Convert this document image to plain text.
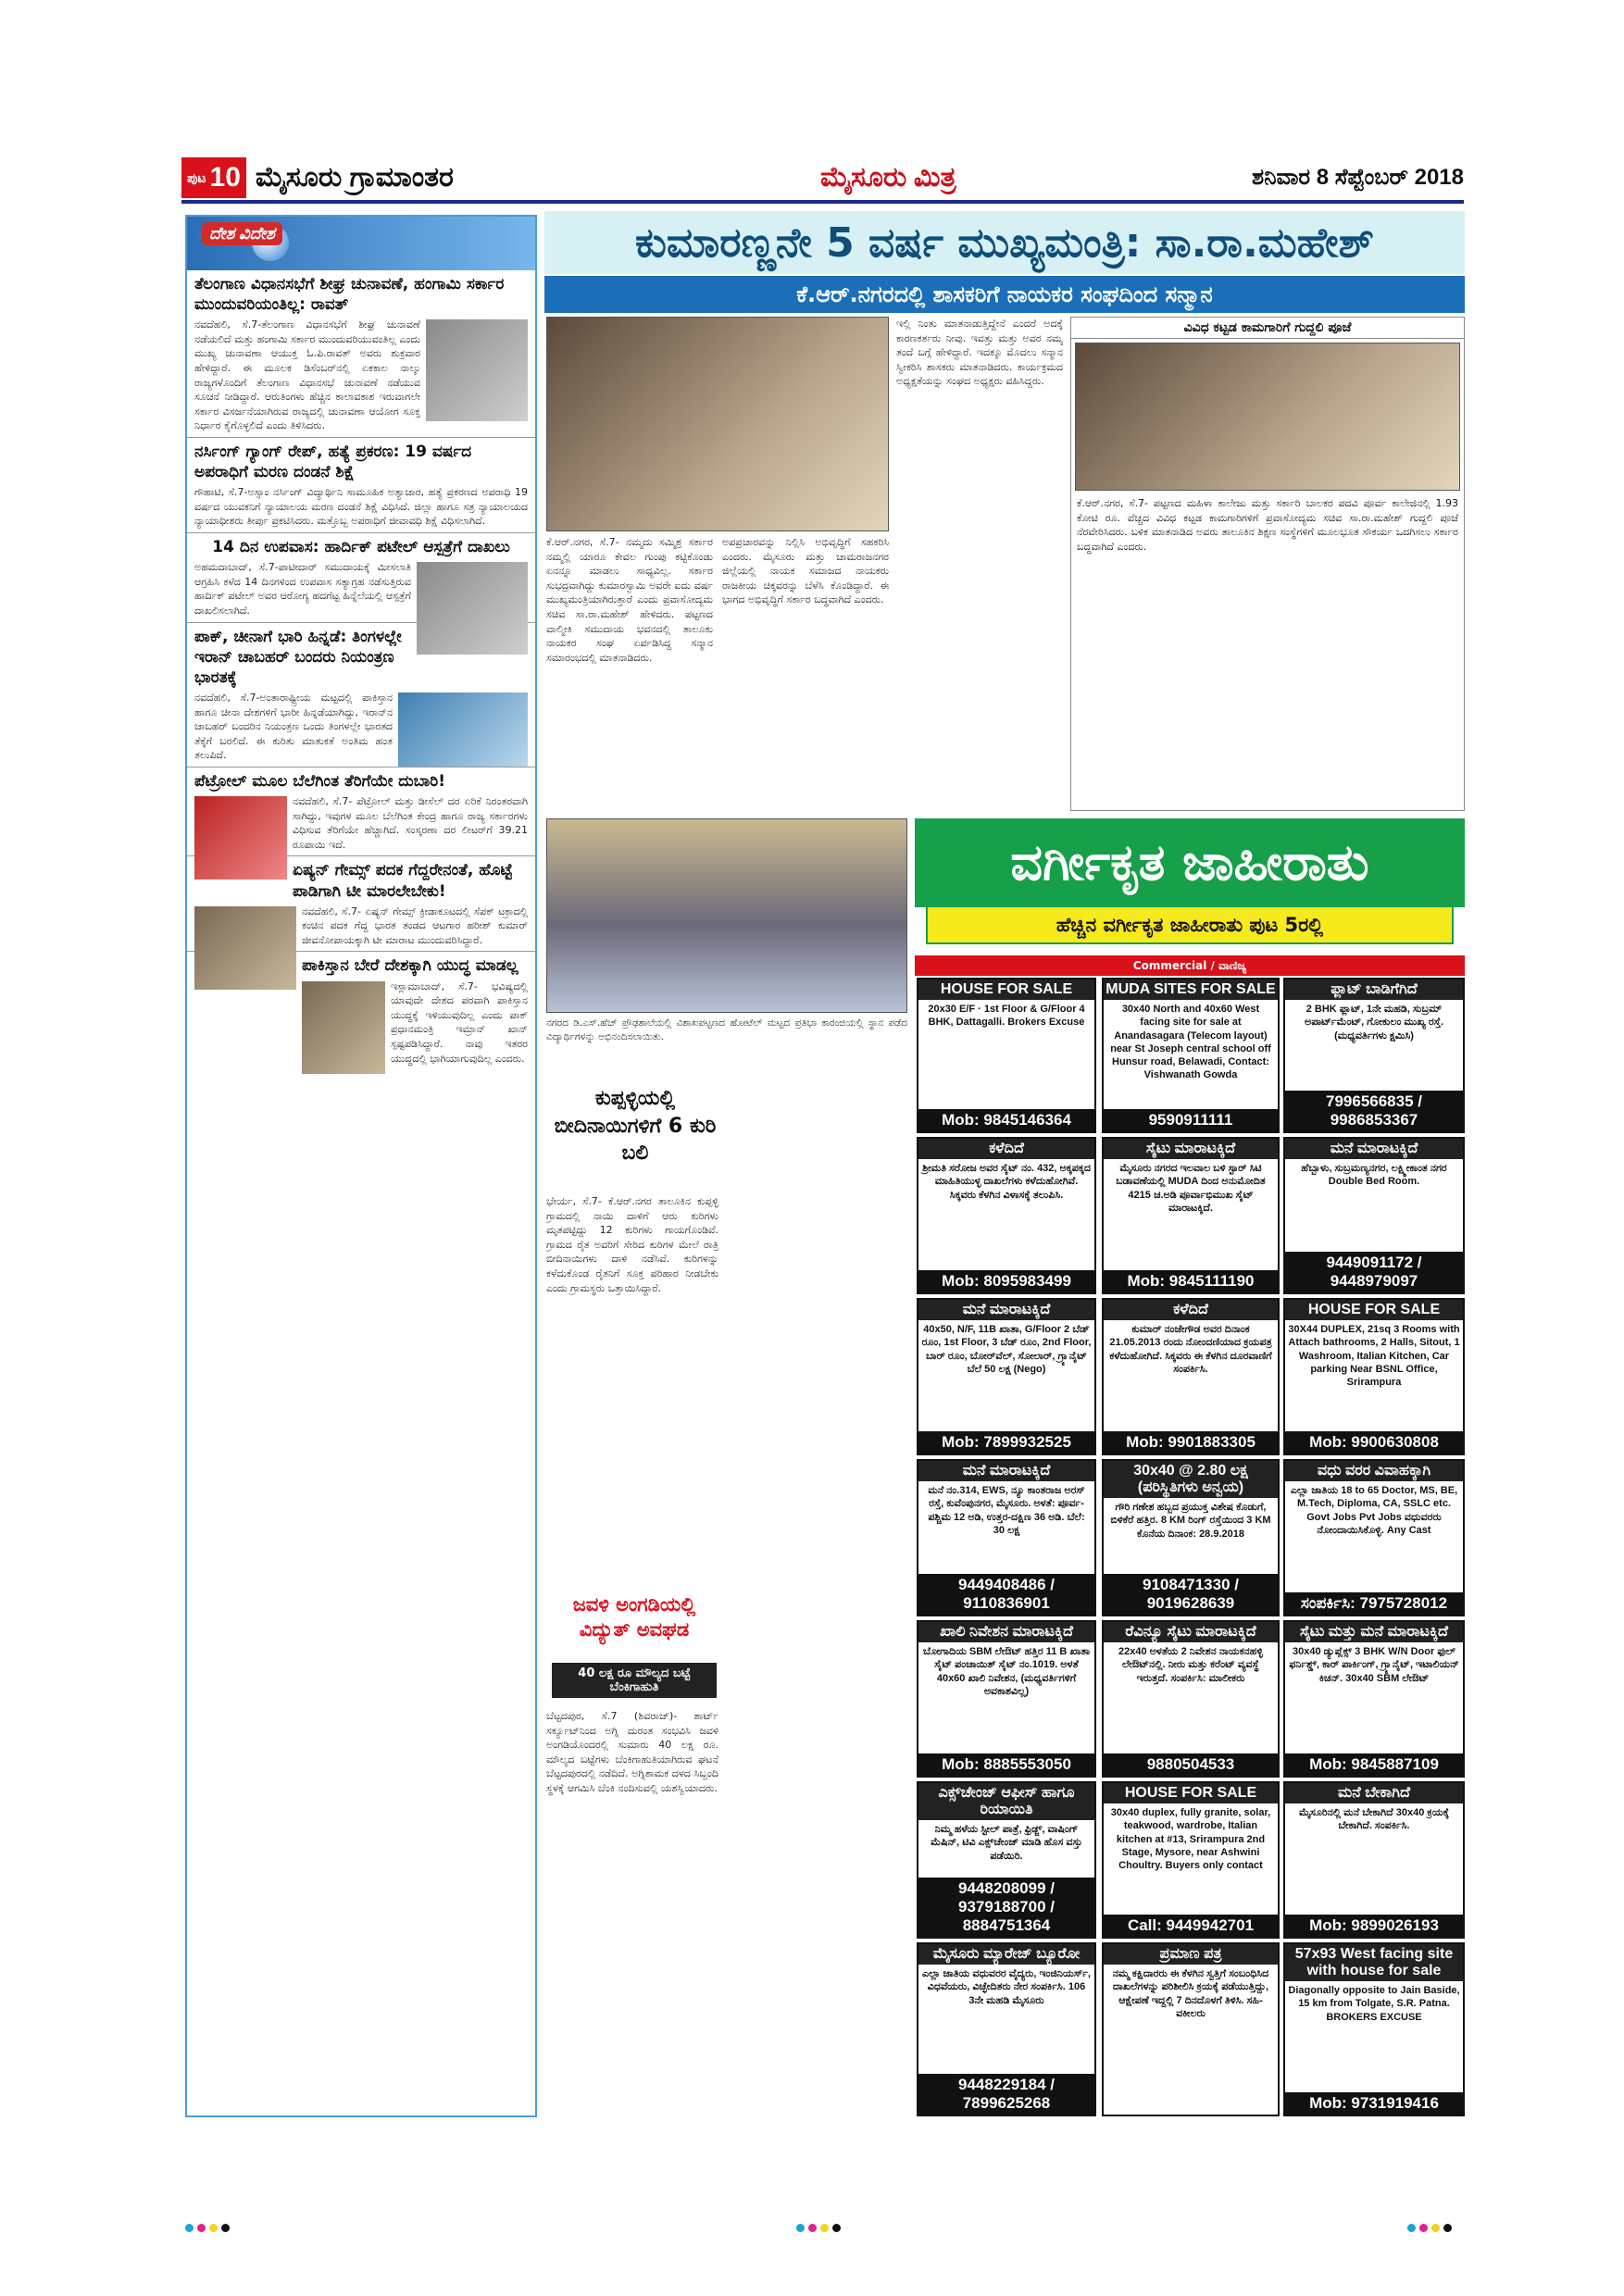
ಪುಟ 10 ಮೈಸೂರು ಗ್ರಾಮಾಂತರ	ಮೈಸೂರು ಮಿತ್ರ	ಶನಿವಾರ 8 ಸೆಪ್ಟೆಂಬರ್ 2018
ದೇಶ ವಿದೇಶ
ತೆಲಂಗಾಣ ವಿಧಾನಸಭೆಗೆ ಶೀಘ್ರ ಚುನಾವಣೆ, ಹಂಗಾಮಿ ಸರ್ಕಾರ ಮುಂದುವರಿಯಂತಿಲ್ಲ: ರಾವತ್

ನವದೆಹಲಿ, ಸೆ.7-ತೆಲಂಗಾಣ ವಿಧಾನಸಭೆಗೆ ಶೀಘ್ರ ಚುನಾವಣೆ ನಡೆಯಲಿದೆ ಮತ್ತು ಹಂಗಾಮಿ ಸರ್ಕಾರ ಮುಂದುವರಿಯುವಂತಿಲ್ಲ ಎಂದು ಮುಖ್ಯ ಚುನಾವಣಾ ಆಯುಕ್ತ ಓ.ಪಿ.ರಾವತ್ ಅವರು ಶುಕ್ರವಾರ ಹೇಳಿದ್ದಾರೆ. ಈ ಮೂಲಕ ಡಿಸೆಂಬರ್‌ನಲ್ಲಿ ಏಕಕಾಲ ನಾಲ್ಕು ರಾಜ್ಯಗಳೊಂದಿಗೆ ತೆಲಂಗಾಣ ವಿಧಾನಸಭೆ ಚುನಾವಣೆ ನಡೆಯುವ ಸೂಚನೆ ನೀಡಿದ್ದಾರೆ. ಆರುತಿಂಗಳು ಹೆಚ್ಚಿನ ಕಾಲಾವಕಾಶ ಇರುವಾಗಲೇ ಸರ್ಕಾರ ವಿಸರ್ಜನೆಯಾಗಿರುವ ರಾಜ್ಯದಲ್ಲಿ ಚುನಾವಣಾ ಆಯೋಗ ಸೂಕ್ತ ನಿರ್ಧಾರ ಕೈಗೊಳ್ಳಲಿದೆ ಎಂದು ತಿಳಿಸಿದರು.

ನರ್ಸಿಂಗ್ ಗ್ಯಾಂಗ್ ರೇಪ್, ಹತ್ಯೆ ಪ್ರಕರಣ: 19 ವರ್ಷದ ಅಪರಾಧಿಗೆ ಮರಣ ದಂಡನೆ ಶಿಕ್ಷೆ

ಗೌಹಾಟಿ, ಸೆ.7-ಅಸ್ಸಾಂ ನರ್ಸಿಂಗ್ ವಿದ್ಯಾರ್ಥಿನಿ ಸಾಮೂಹಿಕ ಅತ್ಯಾಚಾರ, ಹತ್ಯೆ ಪ್ರಕರಣದ ಅಪರಾಧಿ 19 ವರ್ಷದ ಯುವಕನಿಗೆ ನ್ಯಾಯಾಲಯ ಮರಣ ದಂಡನೆ ಶಿಕ್ಷೆ ವಿಧಿಸಿದೆ. ಜಿಲ್ಲಾ ಹಾಗೂ ಸತ್ರ ನ್ಯಾಯಾಲಯದ ನ್ಯಾಯಾಧೀಶರು ತೀರ್ಪು ಪ್ರಕಟಿಸಿದರು. ಮತ್ತೊಬ್ಬ ಅಪರಾಧಿಗೆ ಜೀವಾವಧಿ ಶಿಕ್ಷೆ ವಿಧಿಸಲಾಗಿದೆ.

14 ದಿನ ಉಪವಾಸ: ಹಾರ್ದಿಕ್ ಪಟೇಲ್ ಆಸ್ಪತ್ರೆಗೆ ದಾಖಲು

ಅಹಮದಾಬಾದ್, ಸೆ.7-ಪಾಟೀದಾರ್ ಸಮುದಾಯಕ್ಕೆ ಮೀಸಲಾತಿ ಆಗ್ರಹಿಸಿ ಕಳೆದ 14 ದಿನಗಳಿಂದ ಉಪವಾಸ ಸತ್ಯಾಗ್ರಹ ನಡೆಸುತ್ತಿರುವ ಹಾರ್ದಿಕ್ ಪಟೇಲ್ ಅವರ ಆರೋಗ್ಯ ಹದಗೆಟ್ಟ ಹಿನ್ನೆಲೆಯಲ್ಲಿ ಆಸ್ಪತ್ರೆಗೆ ದಾಖಲಿಸಲಾಗಿದೆ.

ಪಾಕ್, ಚೀನಾಗೆ ಭಾರಿ ಹಿನ್ನಡೆ: ತಿಂಗಳಲ್ಲೇ ಇರಾನ್ ಚಾಬಹರ್ ಬಂದರು ನಿಯಂತ್ರಣ ಭಾರತಕ್ಕೆ

ನವದೆಹಲಿ, ಸೆ.7-ಅಂತಾರಾಷ್ಟ್ರೀಯ ಮಟ್ಟದಲ್ಲಿ ಪಾಕಿಸ್ತಾನ ಹಾಗೂ ಚೀನಾ ದೇಶಗಳಿಗೆ ಭಾರೀ ಹಿನ್ನಡೆಯಾಗಿದ್ದು, ಇರಾನ್‌ನ ಚಾಬಹರ್ ಬಂದರಿನ ನಿಯಂತ್ರಣ ಒಂದು ತಿಂಗಳಲ್ಲೇ ಭಾರತದ ತೆಕ್ಕೆಗೆ ಬರಲಿದೆ. ಈ ಕುರಿತು ಮಾತುಕತೆ ಅಂತಿಮ ಹಂತ ತಲುಪಿದೆ.

ಪೆಟ್ರೋಲ್ ಮೂಲ ಬೆಲೆಗಿಂತ ತೆರಿಗೆಯೇ ದುಬಾರಿ!

ನವದೆಹಲಿ, ಸೆ.7- ಪೆಟ್ರೋಲ್ ಮತ್ತು ಡೀಸೆಲ್ ದರ ಏರಿಕೆ ನಿರಂತರವಾಗಿ ಸಾಗಿದ್ದು, ಇವುಗಳ ಮೂಲ ಬೆಲೆಗಿಂತ ಕೇಂದ್ರ ಹಾಗೂ ರಾಜ್ಯ ಸರ್ಕಾರಗಳು ವಿಧಿಸುವ ತೆರಿಗೆಯೇ ಹೆಚ್ಚಾಗಿದೆ. ಸಂಸ್ಕರಣಾ ದರ ಲೀಟರ್‌ಗೆ 39.21 ರೂಪಾಯಿ ಇದೆ.

ಏಷ್ಯನ್ ಗೇಮ್ಸ್ ಪದಕ ಗೆದ್ದರೇನಂತೆ, ಹೊಟ್ಟೆ ಪಾಡಿಗಾಗಿ ಟೀ ಮಾರಲೇಬೇಕು!

ನವದೆಹಲಿ, ಸೆ.7- ಏಷ್ಯನ್ ಗೇಮ್ಸ್ ಕ್ರೀಡಾಕೂಟದಲ್ಲಿ ಸೆಪಕ್ ಟಕ್ರಾದಲ್ಲಿ ಕಂಚಿನ ಪದಕ ಗೆದ್ದ ಭಾರತ ತಂಡದ ಆಟಗಾರ ಹರೀಶ್ ಕುಮಾರ್ ಜೀವನೋಪಾಯಕ್ಕಾಗಿ ಟೀ ಮಾರಾಟ ಮುಂದುವರಿಸಿದ್ದಾರೆ.

ಪಾಕಿಸ್ತಾನ ಬೇರೆ ದೇಶಕ್ಕಾಗಿ ಯುದ್ಧ ಮಾಡಲ್ಲ

ಇಸ್ಲಾಮಾಬಾದ್, ಸೆ.7- ಭವಿಷ್ಯದಲ್ಲಿ ಯಾವುದೇ ದೇಶದ ಪರವಾಗಿ ಪಾಕಿಸ್ತಾನ ಯುದ್ಧಕ್ಕೆ ಇಳಿಯುವುದಿಲ್ಲ ಎಂದು ಪಾಕ್ ಪ್ರಧಾನಮಂತ್ರಿ ಇಮ್ರಾನ್ ಖಾನ್ ಸ್ಪಷ್ಟಪಡಿಸಿದ್ದಾರೆ. ನಾವು ಇತರರ ಯುದ್ಧದಲ್ಲಿ ಭಾಗಿಯಾಗುವುದಿಲ್ಲ ಎಂದರು.

ಕುಮಾರಣ್ಣನೇ 5 ವರ್ಷ ಮುಖ್ಯಮಂತ್ರಿ: ಸಾ.ರಾ.ಮಹೇಶ್
ಕೆ.ಆರ್.ನಗರದಲ್ಲಿ ಶಾಸಕರಿಗೆ ನಾಯಕರ ಸಂಘದಿಂದ ಸನ್ಮಾನ
ಕೆ.ಆರ್.ನಗರ, ಸೆ.7- ನಮ್ಮದು ಸಮ್ಮಿಶ್ರ ಸರ್ಕಾರ ನಮ್ಮಲ್ಲಿ ಯಾರೂ ಕೇವಲ ಗುಂಪು ಕಟ್ಟಿಕೊಂಡು ಏನನ್ನೂ ಮಾಡಲು ಸಾಧ್ಯವಿಲ್ಲ. ಸರ್ಕಾರ ಸುಭದ್ರವಾಗಿದ್ದು ಕುಮಾರಸ್ವಾಮಿ ಅವರೇ ಐದು ವರ್ಷ ಮುಖ್ಯಮಂತ್ರಿಯಾಗಿರುತ್ತಾರೆ ಎಂದು ಪ್ರವಾಸೋದ್ಯಮ ಸಚಿವ ಸಾ.ರಾ.ಮಹೇಶ್ ಹೇಳಿದರು. ಪಟ್ಟಣದ ವಾಲ್ಮೀಕಿ ಸಮುದಾಯ ಭವನದಲ್ಲಿ ತಾಲೂಕು ನಾಯಕರ ಸಂಘ ಏರ್ಪಡಿಸಿದ್ದ ಸನ್ಮಾನ ಸಮಾರಂಭದಲ್ಲಿ ಮಾತನಾಡಿದರು.
ಅಪಪ್ರಚಾರವನ್ನು ನಿಲ್ಲಿಸಿ ಅಭಿವೃದ್ಧಿಗೆ ಸಹಕರಿಸಿ ಎಂದರು. ಮೈಸೂರು ಮತ್ತು ಚಾಮರಾಜನಗರ ಜಿಲ್ಲೆಯಲ್ಲಿ ನಾಯಕ ಸಮಾಜದ ನಾಯಕರು ರಾಜಕೀಯ ಚಿಕ್ಕವರನ್ನು ಬೆಳೆಸಿ ಕೊಂಡಿದ್ದಾರೆ. ಈ ಭಾಗದ ಅಭಿವೃದ್ಧಿಗೆ ಸರ್ಕಾರ ಬದ್ಧವಾಗಿದೆ ಎಂದರು.
ಇಲ್ಲಿ ನಿಂತು ಮಾತನಾಡುತ್ತಿದ್ದೇನೆ ಎಂದರೆ ಅದಕ್ಕೆ ಕಾರಣಕರ್ತರು ನೀವು. ಇವತ್ತು ಮತ್ತು ಅವರ ನಮ್ಮ ತಂದೆ ಬಗ್ಗೆ ಹೇಳಿದ್ದಾರೆ. ಇದಕ್ಕೂ ಮೊದಲು ಸನ್ಮಾನ ಸ್ವೀಕರಿಸಿ ಶಾಸಕರು ಮಾತನಾಡಿದರು. ಕಾರ್ಯಕ್ರಮದ ಅಧ್ಯಕ್ಷತೆಯನ್ನು ಸಂಘದ ಅಧ್ಯಕ್ಷರು ವಹಿಸಿದ್ದರು.
ವಿವಿಧ ಕಟ್ಟಡ ಕಾಮಗಾರಿಗೆ ಗುದ್ದಲಿ ಪೂಜೆ
ಕೆ.ಆರ್.ನಗರ, ಸೆ.7- ಪಟ್ಟಣದ ಮಹಿಳಾ ಕಾಲೇಜು ಮತ್ತು ಸರ್ಕಾರಿ ಬಾಲಕರ ಪದವಿ ಪೂರ್ವ ಕಾಲೇಜಿನಲ್ಲಿ 1.93 ಕೋಟಿ ರೂ. ವೆಚ್ಚದ ವಿವಿಧ ಕಟ್ಟಡ ಕಾಮಗಾರಿಗಳಿಗೆ ಪ್ರವಾಸೋದ್ಯಮ ಸಚಿವ ಸಾ.ರಾ.ಮಹೇಶ್ ಗುದ್ದಲಿ ಪೂಜೆ ನೆರವೇರಿಸಿದರು. ಬಳಿಕ ಮಾತನಾಡಿದ ಅವರು ತಾಲೂಕಿನ ಶಿಕ್ಷಣ ಸಂಸ್ಥೆಗಳಿಗೆ ಮೂಲಭೂತ ಸೌಕರ್ಯ ಒದಗಿಸಲು ಸರ್ಕಾರ ಬದ್ಧವಾಗಿದೆ ಎಂದರು.
ನಗರದ ಡಿ.ಎಸ್.ಹೆಚ್ ಪ್ರೌಢಶಾಲೆಯಲ್ಲಿ ವಿಶಾಖಪಟ್ಟಣದ ಹೋಟೆಲ್ ಮಟ್ಟದ ಪ್ರತಿಭಾ ಕಾರಂಜಿಯಲ್ಲಿ ಸ್ಥಾನ ಪಡೆದ ವಿದ್ಯಾರ್ಥಿಗಳನ್ನು ಅಭಿನಂದಿಸಲಾಯಿತು.
ಕುಪ್ಪಳ್ಳಿಯಲ್ಲಿ ಬೀದಿನಾಯಿಗಳಿಗೆ 6 ಕುರಿ ಬಲಿ
ಭೇರ್ಯ, ಸೆ.7- ಕೆ.ಆರ್.ನಗರ ತಾಲೂಕಿನ ಕುಪ್ಪಳ್ಳಿ ಗ್ರಾಮದಲ್ಲಿ ನಾಯಿ ದಾಳಿಗೆ ಆರು ಕುರಿಗಳು ಮೃತಪಟ್ಟಿದ್ದು 12 ಕುರಿಗಳು ಗಾಯಗೊಂಡಿವೆ. ಗ್ರಾಮದ ರೈತ ಅವರಿಗೆ ಸೇರಿದ ಕುರಿಗಳ ಮೇಲೆ ರಾತ್ರಿ ಬೀದಿನಾಯಿಗಳು ದಾಳಿ ನಡೆಸಿವೆ. ಕುರಿಗಳನ್ನು ಕಳೆದುಕೊಂಡ ರೈತನಿಗೆ ಸೂಕ್ತ ಪರಿಹಾರ ನೀಡಬೇಕು ಎಂದು ಗ್ರಾಮಸ್ಥರು ಒತ್ತಾಯಿಸಿದ್ದಾರೆ.
ಜವಳಿ ಅಂಗಡಿಯಲ್ಲಿ ವಿದ್ಯುತ್ ಅವಘಡ
40 ಲಕ್ಷ ರೂ ಮೌಲ್ಯದ ಬಟ್ಟೆ ಬೆಂಕಿಗಾಹುತಿ
ಬೆಟ್ಟದಪುರ, ಸೆ.7 (ಶಿವರಾಜ್)- ಶಾರ್ಟ್ ಸರ್ಕ್ಯೂಟ್‌ನಿಂದ ಅಗ್ನಿ ದುರಂತ ಸಂಭವಿಸಿ ಜವಳಿ ಅಂಗಡಿಯೊಂದರಲ್ಲಿ ಸುಮಾರು 40 ಲಕ್ಷ ರೂ. ಮೌಲ್ಯದ ಬಟ್ಟೆಗಳು ಬೆಂಕಿಗಾಹುತಿಯಾಗಿರುವ ಘಟನೆ ಬೆಟ್ಟದಪುರದಲ್ಲಿ ನಡೆದಿದೆ. ಅಗ್ನಿಶಾಮಕ ದಳದ ಸಿಬ್ಬಂದಿ ಸ್ಥಳಕ್ಕೆ ಆಗಮಿಸಿ ಬೆಂಕಿ ನಂದಿಸುವಲ್ಲಿ ಯಶಸ್ವಿಯಾದರು.
ವರ್ಗೀಕೃತ ಜಾಹೀರಾತು
ಹೆಚ್ಚಿನ ವರ್ಗೀಕೃತ ಜಾಹೀರಾತು ಪುಟ 5ರಲ್ಲಿ
Commercial / ವಾಣಿಜ್ಯ
HOUSE FOR SALE
20x30 E/F · 1st Floor & G/Floor 4 BHK, Dattagalli. Brokers Excuse
Mob: 9845146364
MUDA SITES FOR SALE
30x40 North and 40x60 West facing site for sale at Anandasagara (Telecom layout) near St Joseph central school off Hunsur road, Belawadi, Contact: Vishwanath Gowda
9590911111
ಫ್ಲಾಟ್ ಬಾಡಿಗೆಗಿದೆ
2 BHK ಫ್ಲಾಟ್, 1ನೇ ಮಹಡಿ, ಸುಬ್ರಮ್ ಅಪಾರ್ಟ್‌ಮೆಂಟ್, ಗೋಕುಲಂ ಮುಖ್ಯ ರಸ್ತೆ. (ಮಧ್ಯವರ್ತಿಗಳು ಕ್ಷಮಿಸಿ)
7996566835 / 9986853367
ಕಳೆದಿದೆ
ಶ್ರೀಮತಿ ಸರೋಜ ಅವರ ಸೈಟ್ ನಂ. 432, ಅಕ್ಕಪಕ್ಕದ ಮಾಹಿತಿಯುಳ್ಳ ದಾಖಲೆಗಳು ಕಳೆದುಹೋಗಿವೆ. ಸಿಕ್ಕವರು ಕೆಳಗಿನ ವಿಳಾಸಕ್ಕೆ ತಲುಪಿಸಿ.
Mob: 8095983499
ಸೈಟು ಮಾರಾಟಕ್ಕಿದೆ
ಮೈಸೂರು ನಗರದ ಇಲವಾಲ ಬಳಿ ಸ್ಟಾರ್ ಸಿಟಿ ಬಡಾವಣೆಯಲ್ಲಿ MUDA ದಿಂದ ಅನುಮೋದಿತ 4215 ಚ.ಅಡಿ ಪೂರ್ವಾಭಿಮುಖ ಸೈಟ್ ಮಾರಾಟಕ್ಕಿದೆ.
Mob: 9845111190
ಮನೆ ಮಾರಾಟಕ್ಕಿದೆ
ಹೆಬ್ಬಾಳು, ಸುಬ್ರಮಣ್ಯನಗರ, ಲಕ್ಷ್ಮೀಕಾಂತ ನಗರ Double Bed Room.
9449091172 / 9448979097
ಮನೆ ಮಾರಾಟಕ್ಕಿದೆ
40x50, N/F, 11B ಖಾತಾ, G/Floor 2 ಬೆಡ್ ರೂಂ, 1st Floor, 3 ಬೆಡ್ ರೂಂ, 2nd Floor, ಬಾರ್ ರೂಂ, ಬೋರ್‌ವೆಲ್, ಸೋಲಾರ್, ಗ್ರ್ಯಾನೈಟ್ ಬೆಲೆ 50 ಲಕ್ಷ (Nego)
Mob: 7899932525
ಕಳೆದಿದೆ
ಕುಮಾರ್ ನಂಜೇಗೌಡ ಅವರ ದಿನಾಂಕ 21.05.2013 ರಂದು ನೋಂದಣಿಯಾದ ಕ್ರಯಪತ್ರ ಕಳೆದುಹೋಗಿದೆ. ಸಿಕ್ಕವರು ಈ ಕೆಳಗಿನ ದೂರವಾಣಿಗೆ ಸಂಪರ್ಕಿಸಿ.
Mob: 9901883305
HOUSE FOR SALE
30X44 DUPLEX, 21sq 3 Rooms with Attach bathrooms, 2 Halls, Sitout, 1 Washroom, Italian Kitchen, Car parking Near BSNL Office, Srirampura
Mob: 9900630808
ಮನೆ ಮಾರಾಟಕ್ಕಿದೆ
ಮನೆ ನಂ.314, EWS, ನ್ಯೂ ಕಾಂತರಾಜ ಅರಸ್ ರಸ್ತೆ, ಕುವೆಂಪುನಗರ, ಮೈಸೂರು. ಅಳತೆ: ಪೂರ್ವ-ಪಶ್ಚಿಮ 12 ಅಡಿ, ಉತ್ತರ-ದಕ್ಷಿಣ 36 ಅಡಿ. ಬೆಲೆ: 30 ಲಕ್ಷ
9449408486 / 9110836901
30x40 @ 2.80 ಲಕ್ಷ (ಪರಿಸ್ಥಿತಿಗಳು ಅನ್ವಯ)
ಗೌರಿ ಗಣೇಶ ಹಬ್ಬದ ಪ್ರಯುಕ್ತ ವಿಶೇಷ ಕೊಡುಗೆ, ಬಿಳಿಕೆರೆ ಹತ್ತಿರ. 8 KM ರಿಂಗ್ ರಸ್ತೆಯಿಂದ 3 KM ಕೊನೆಯ ದಿನಾಂಕ: 28.9.2018
9108471330 / 9019628639
ವಧು ವರರ ವಿವಾಹಕ್ಕಾಗಿ
ಎಲ್ಲಾ ಜಾತಿಯ 18 to 65 Doctor, MS, BE, M.Tech, Diploma, CA, SSLC etc. Govt Jobs Pvt Jobs ವಧುವರರು ನೋಂದಾಯಿಸಿಕೊಳ್ಳಿ. Any Cast
ಸಂಪರ್ಕಿಸಿ: 7975728012
ಖಾಲಿ ನಿವೇಶನ ಮಾರಾಟಕ್ಕಿದೆ
ಬೋಗಾದಿಯ SBM ಲೇಔಟ್ ಹತ್ತಿರ 11 B ಖಾತಾ ಸೈಟ್ ಪಂಚಾಯಿತ್ ಸೈಟ್ ನಂ.1019. ಅಳತೆ 40x60 ಖಾಲಿ ನಿವೇಶನ, (ಮಧ್ಯವರ್ತಿಗಳಿಗೆ ಅವಕಾಶವಿಲ್ಲ)
Mob: 8885553050
ರೆವಿನ್ಯೂ ಸೈಟು ಮಾರಾಟಕ್ಕಿದೆ
22x40 ಅಳತೆಯ 2 ನಿವೇಶನ ನಾಯಕನಹಳ್ಳಿ ಲೇಔಟ್‌ನಲ್ಲಿ. ನೀರು ಮತ್ತು ಕರೆಂಟ್ ವ್ಯವಸ್ಥೆ ಇರುತ್ತದೆ. ಸಂಪರ್ಕಿಸಿ: ಮಾಲೀಕರು
9880504533
ಸೈಟು ಮತ್ತು ಮನೆ ಮಾರಾಟಕ್ಕಿದೆ
30x40 ಡ್ಯುಪ್ಲೆಕ್ಸ್ 3 BHK W/N Door ಫುಲ್ ಫರ್ನಿಶ್ಡ್, ಕಾರ್ ಪಾರ್ಕಿಂಗ್, ಗ್ರ್ಯಾನೈಟ್, ಇಟಾಲಿಯನ್ ಕಿಚನ್. 30x40 SBM ಲೇಔಟ್
Mob: 9845887109
ಎಕ್ಸ್‌ಚೇಂಜ್ ಆಫೀಸ್ ಹಾಗೂ ರಿಯಾಯಿತಿ
ನಿಮ್ಮ ಹಳೆಯ ಸ್ಟೀಲ್ ಪಾತ್ರೆ, ಫ್ರಿಡ್ಜ್, ವಾಷಿಂಗ್ ಮೆಷಿನ್, ಟಿವಿ ಎಕ್ಸ್‌ಚೇಂಜ್ ಮಾಡಿ ಹೊಸ ವಸ್ತು ಪಡೆಯಿರಿ.
9448208099 / 9379188700 / 8884751364
HOUSE FOR SALE
30x40 duplex, fully granite, solar, teakwood, wardrobe, Italian kitchen at #13, Srirampura 2nd Stage, Mysore, near Ashwini Choultry. Buyers only contact
Call: 9449942701
ಮನೆ ಬೇಕಾಗಿದೆ
ಮೈಸೂರಿನಲ್ಲಿ ಮನೆ ಬೇಕಾಗಿದೆ 30x40 ಕ್ರಯಕ್ಕೆ ಬೇಕಾಗಿದೆ. ಸಂಪರ್ಕಿಸಿ.
Mob: 9899026193
ಮೈಸೂರು ಮ್ಯಾರೇಜ್ ಬ್ಯೂರೋ
ಎಲ್ಲಾ ಜಾತಿಯ ವಧುವರರ ವೈದ್ಯರು, ಇಂಜಿನಿಯರ್ಸ್, ವಿಧವೆಯರು, ವಿಚ್ಛೇದಿತರು ನೇರ ಸಂಪರ್ಕಿಸಿ. 106 3ನೇ ಮಹಡಿ ಮೈಸೂರು
9448229184 / 7899625268
ಪ್ರಮಾಣ ಪತ್ರ
ನಮ್ಮ ಕಕ್ಷಿದಾರರು ಈ ಕೆಳಗಿನ ಸ್ವತ್ತಿಗೆ ಸಂಬಂಧಿಸಿದ ದಾಖಲೆಗಳನ್ನು ಪರಿಶೀಲಿಸಿ ಕ್ರಯಕ್ಕೆ ಪಡೆಯುತ್ತಿದ್ದು, ಆಕ್ಷೇಪಣೆ ಇದ್ದಲ್ಲಿ 7 ದಿನದೊಳಗೆ ತಿಳಿಸಿ. ಸಹಿ- ವಕೀಲರು
57x93 West facing site with house for sale
Diagonally opposite to Jain Baside, 15 km from Tolgate, S.R. Patna. BROKERS EXCUSE
Mob: 9731919416
